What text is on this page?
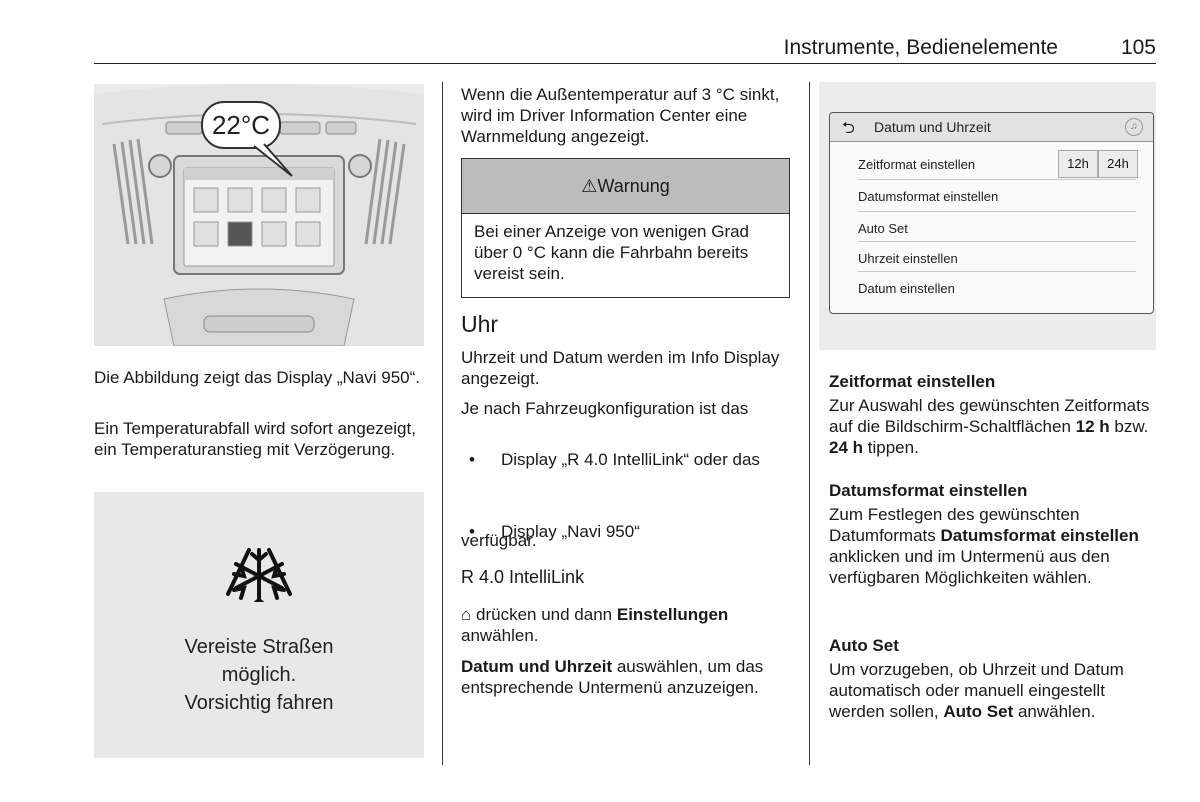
Instrumente, Bedienelemente	105
22°C

Die Abbildung zeigt das Display „Navi 950“.

Ein Temperaturabfall wird sofort angezeigt, ein Temperaturanstieg mit Verzögerung.

Vereiste Straßen
möglich.
Vorsichtig fahren

Wenn die Außentemperatur auf 3 °C sinkt, wird im Driver Information Center eine Warnmeldung angezeigt.

⚠Warnung
Bei einer Anzeige von wenigen Grad über 0 °C kann die Fahrbahn bereits vereist sein.
Uhr

Uhrzeit und Datum werden im Info Display angezeigt.

Je nach Fahrzeugkonfiguration ist das

• Display „R 4.0 IntelliLink“ oder das

• Display „Navi 950“

verfügbar.

R 4.0 IntelliLink

⌂ drücken und dann Einstellungen
anwählen.

Datum und Uhrzeit auswählen, um das entsprechende Untermenü anzuzeigen.

⮌ Datum und Uhrzeit	♫
Zeitformat einstellen	12h	24h
Datumsformat einstellen
Auto Set
Uhrzeit einstellen
Datum einstellen
Zeitformat einstellen

Zur Auswahl des gewünschten Zeitformats auf die Bildschirm-Schaltflächen 12 h bzw. 24 h tippen.

Datumsformat einstellen

Zum Festlegen des gewünschten Datumformats Datumsformat einstellen anklicken und im Untermenü aus den verfügbaren Möglichkeiten wählen.

Auto Set

Um vorzugeben, ob Uhrzeit und Datum automatisch oder manuell eingestellt werden sollen, Auto Set anwählen.
